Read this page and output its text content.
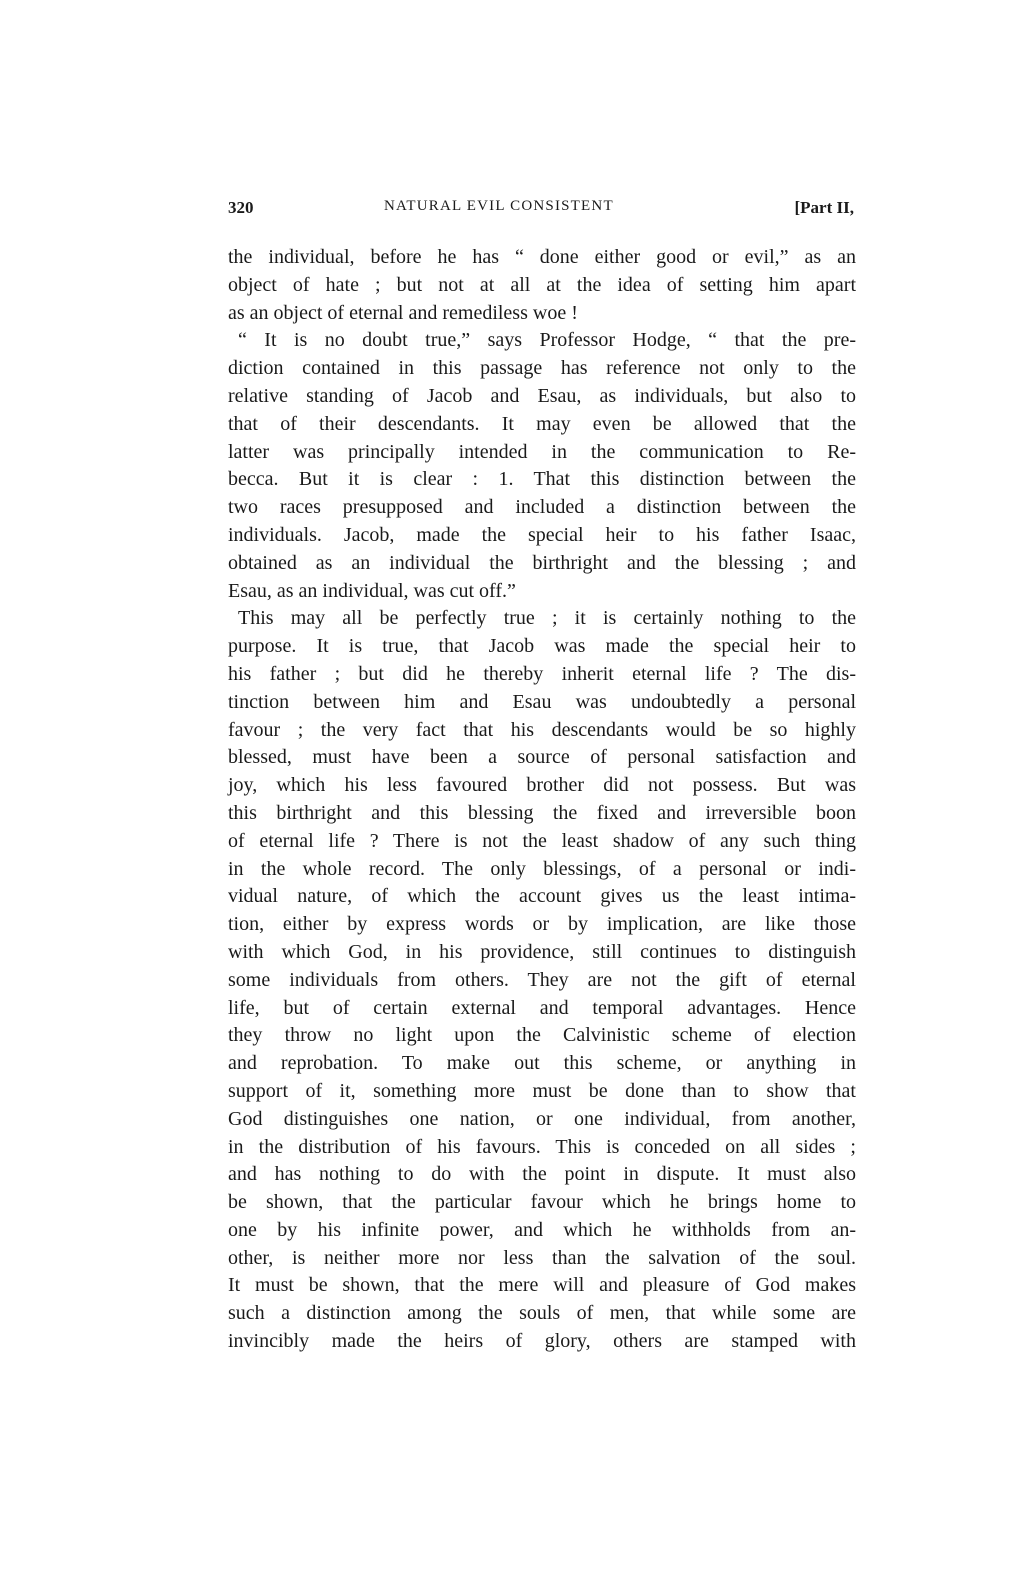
320	NATURAL EVIL CONSISTENT	[Part II,
the individual, before he has “ done either good or evil,” as an
object of hate ; but not at all at the idea of setting him apart
as an object of eternal and remediless woe !
“ It is no doubt true,” says Professor Hodge, “ that the pre-
diction contained in this passage has reference not only to the
relative standing of Jacob and Esau, as individuals, but also to
that of their descendants. It may even be allowed that the
latter was principally intended in the communication to Re-
becca. But it is clear : 1. That this distinction between the
two races presupposed and included a distinction between the
individuals. Jacob, made the special heir to his father Isaac,
obtained as an individual the birthright and the blessing ; and
Esau, as an individual, was cut off.”
This may all be perfectly true ; it is certainly nothing to the
purpose. It is true, that Jacob was made the special heir to
his father ; but did he thereby inherit eternal life ? The dis-
tinction between him and Esau was undoubtedly a personal
favour ; the very fact that his descendants would be so highly
blessed, must have been a source of personal satisfaction and
joy, which his less favoured brother did not possess. But was
this birthright and this blessing the fixed and irreversible boon
of eternal life ? There is not the least shadow of any such thing
in the whole record. The only blessings, of a personal or indi-
vidual nature, of which the account gives us the least intima-
tion, either by express words or by implication, are like those
with which God, in his providence, still continues to distinguish
some individuals from others. They are not the gift of eternal
life, but of certain external and temporal advantages. Hence
they throw no light upon the Calvinistic scheme of election
and reprobation. To make out this scheme, or anything in
support of it, something more must be done than to show that
God distinguishes one nation, or one individual, from another,
in the distribution of his favours. This is conceded on all sides ;
and has nothing to do with the point in dispute. It must also
be shown, that the particular favour which he brings home to
one by his infinite power, and which he withholds from an-
other, is neither more nor less than the salvation of the soul.
It must be shown, that the mere will and pleasure of God makes
such a distinction among the souls of men, that while some are
invincibly made the heirs of glory, others are stamped with
